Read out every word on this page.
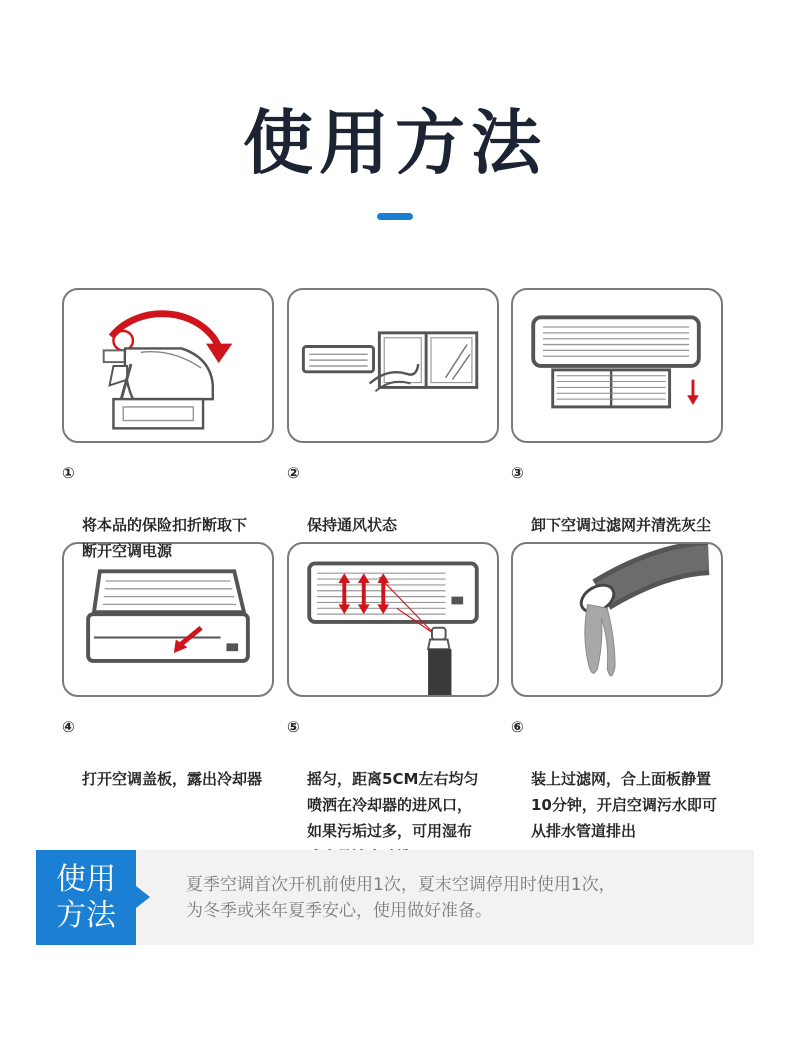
使用方法

①

将本品的保险扣折断取下
断开空调电源

②

保持通风状态

③

卸下空调过滤网并清洗灰尘

④

打开空调盖板，露出冷却器

⑤

摇匀，距离5CM左右均匀
喷洒在冷却器的进风口，
如果污垢过多，可用湿布

⑥

装上过滤网，合上面板静置
10分钟，开启空调污水即可
从排水管道排出

使用
方法
夏季空调首次开机前使用1次，夏末空调停用时使用1次，
为冬季或来年夏季安心，使用做好准备。
